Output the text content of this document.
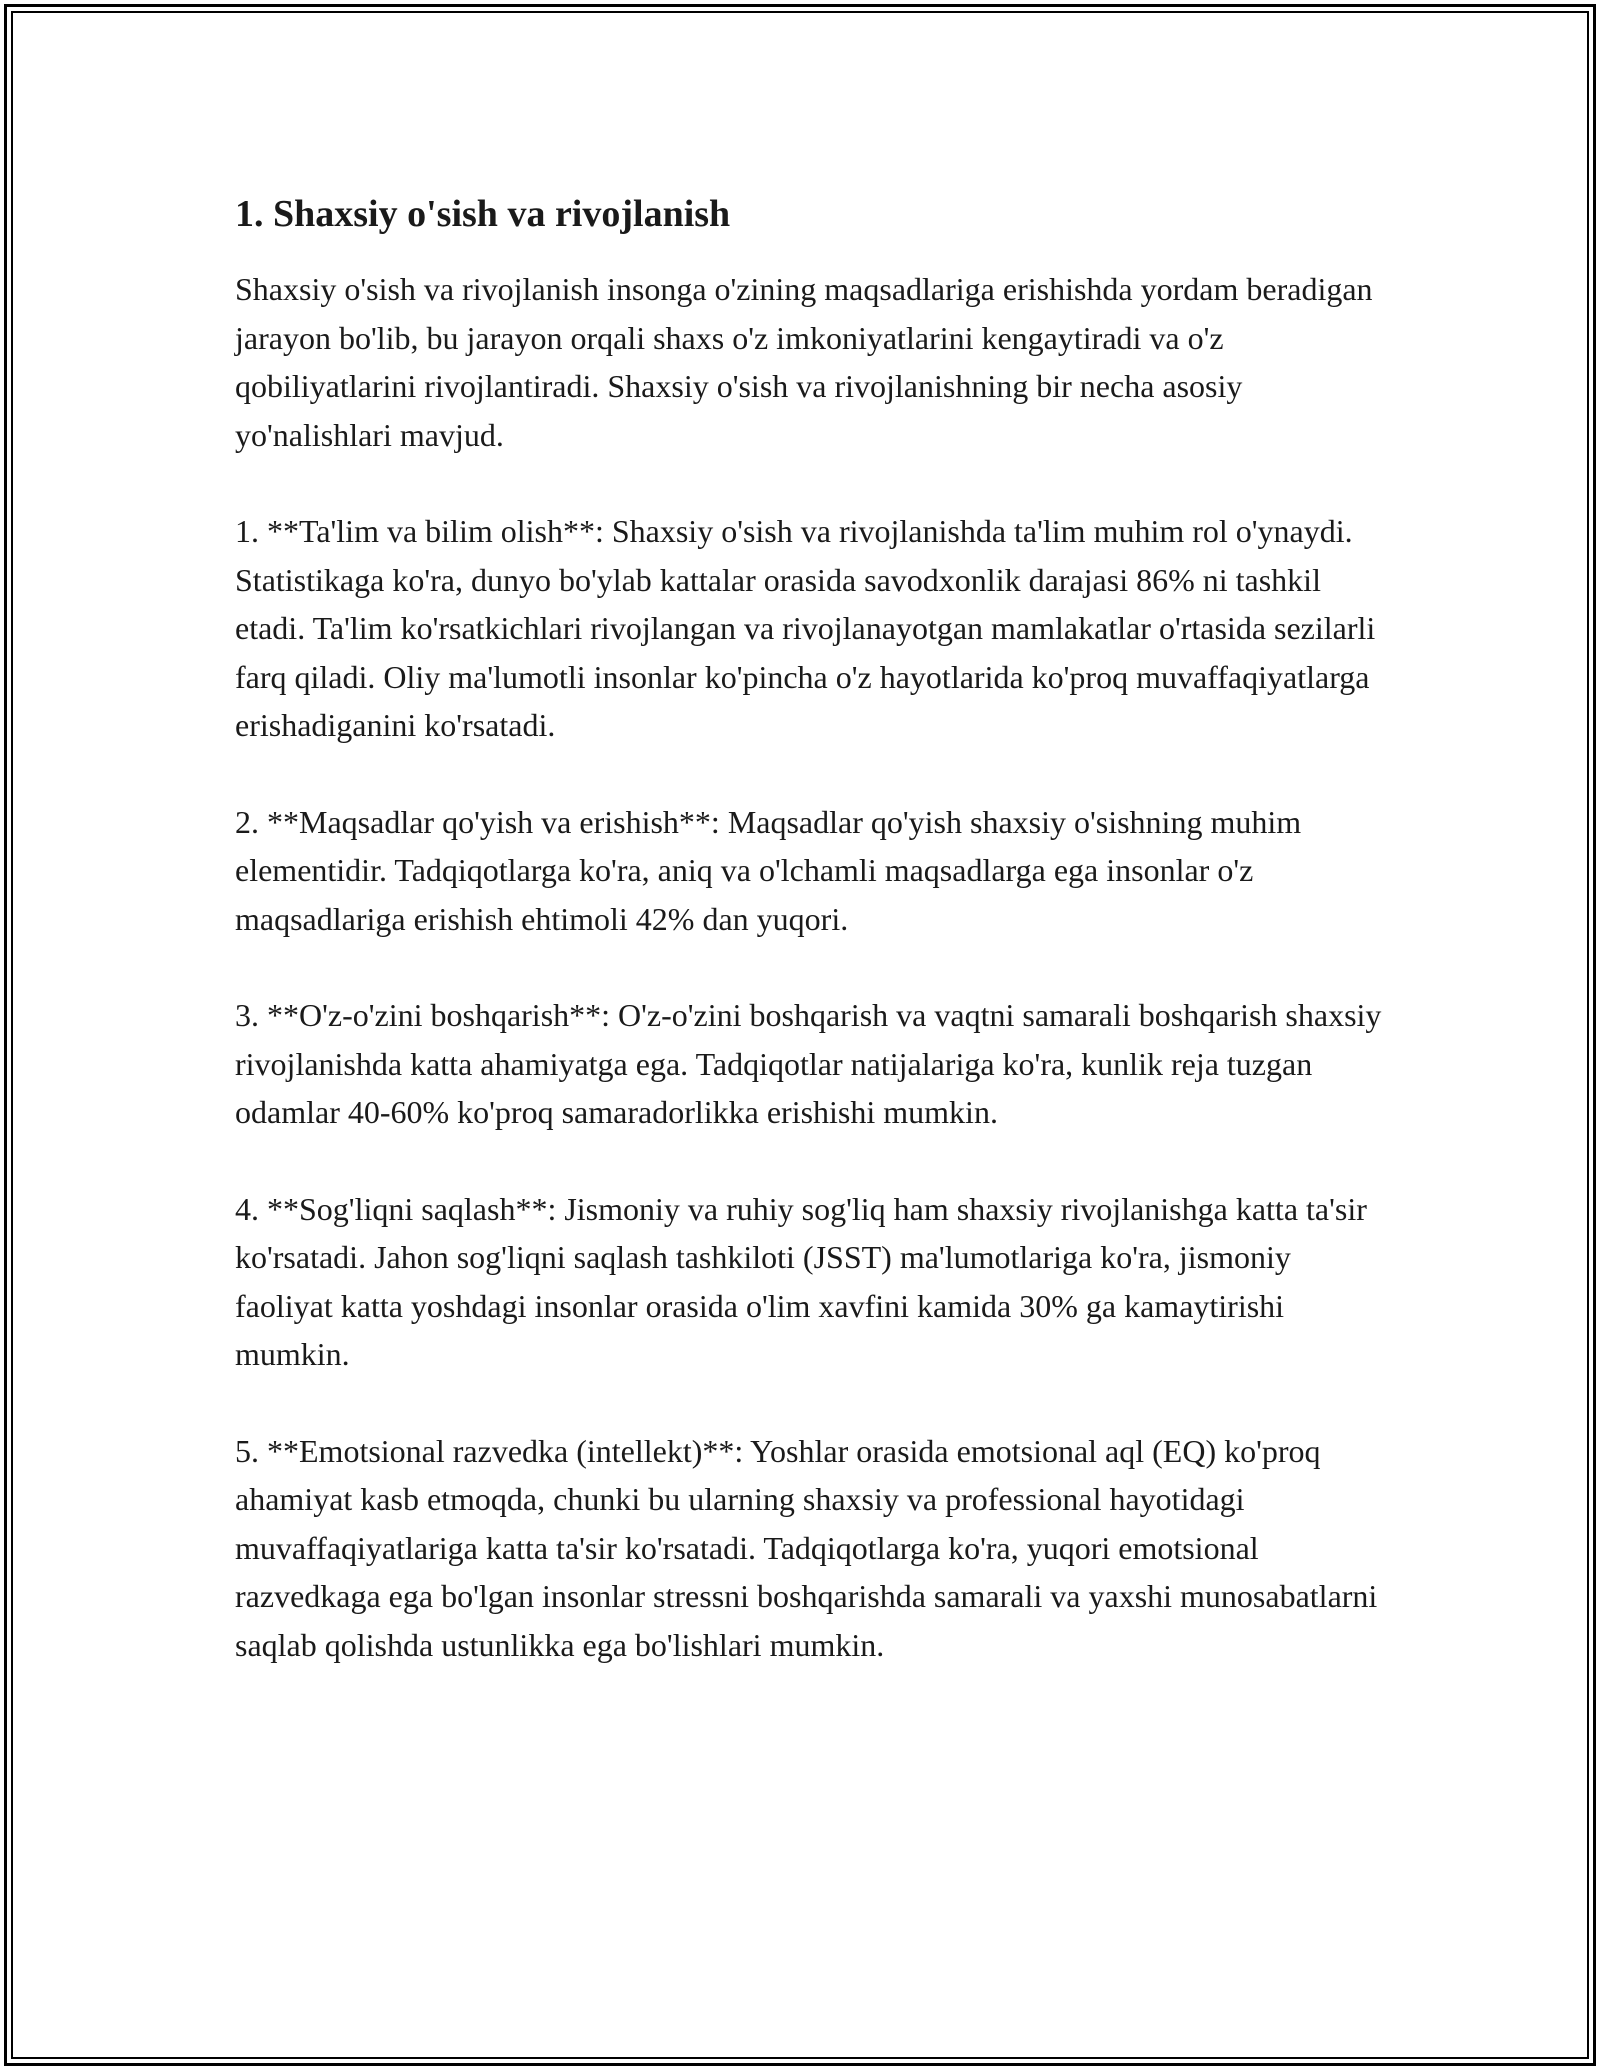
1. Shaxsiy o'sish va rivojlanish

Shaxsiy o'sish va rivojlanish insonga o'zining maqsadlariga erishishda yordam beradigan jarayon bo'lib, bu jarayon orqali shaxs o'z imkoniyatlarini kengaytiradi va o'z qobiliyatlarini rivojlantiradi. Shaxsiy o'sish va rivojlanishning bir necha asosiy yo'nalishlari mavjud.

1. **Ta'lim va bilim olish**: Shaxsiy o'sish va rivojlanishda ta'lim muhim rol o'ynaydi. Statistikaga ko'ra, dunyo bo'ylab kattalar orasida savodxonlik darajasi 86% ni tashkil etadi. Ta'lim ko'rsatkichlari rivojlangan va rivojlanayotgan mamlakatlar o'rtasida sezilarli farq qiladi. Oliy ma'lumotli insonlar ko'pincha o'z hayotlarida ko'proq muvaffaqiyatlarga erishadiganini ko'rsatadi.

2. **Maqsadlar qo'yish va erishish**: Maqsadlar qo'yish shaxsiy o'sishning muhim elementidir. Tadqiqotlarga ko'ra, aniq va o'lchamli maqsadlarga ega insonlar o'z maqsadlariga erishish ehtimoli 42% dan yuqori.

3. **O'z-o'zini boshqarish**: O'z-o'zini boshqarish va vaqtni samarali boshqarish shaxsiy rivojlanishda katta ahamiyatga ega. Tadqiqotlar natijalariga ko'ra, kunlik reja tuzgan odamlar 40-60% ko'proq samaradorlikka erishishi mumkin.

4. **Sog'liqni saqlash**: Jismoniy va ruhiy sog'liq ham shaxsiy rivojlanishga katta ta'sir ko'rsatadi. Jahon sog'liqni saqlash tashkiloti (JSST) ma'lumotlariga ko'ra, jismoniy faoliyat katta yoshdagi insonlar orasida o'lim xavfini kamida 30% ga kamaytirishi mumkin.

5. **Emotsional razvedka (intellekt)**: Yoshlar orasida emotsional aql (EQ) ko'proq ahamiyat kasb etmoqda, chunki bu ularning shaxsiy va professional hayotidagi muvaffaqiyatlariga katta ta'sir ko'rsatadi. Tadqiqotlarga ko'ra, yuqori emotsional razvedkaga ega bo'lgan insonlar stressni boshqarishda samarali va yaxshi munosabatlarni saqlab qolishda ustunlikka ega bo'lishlari mumkin.
